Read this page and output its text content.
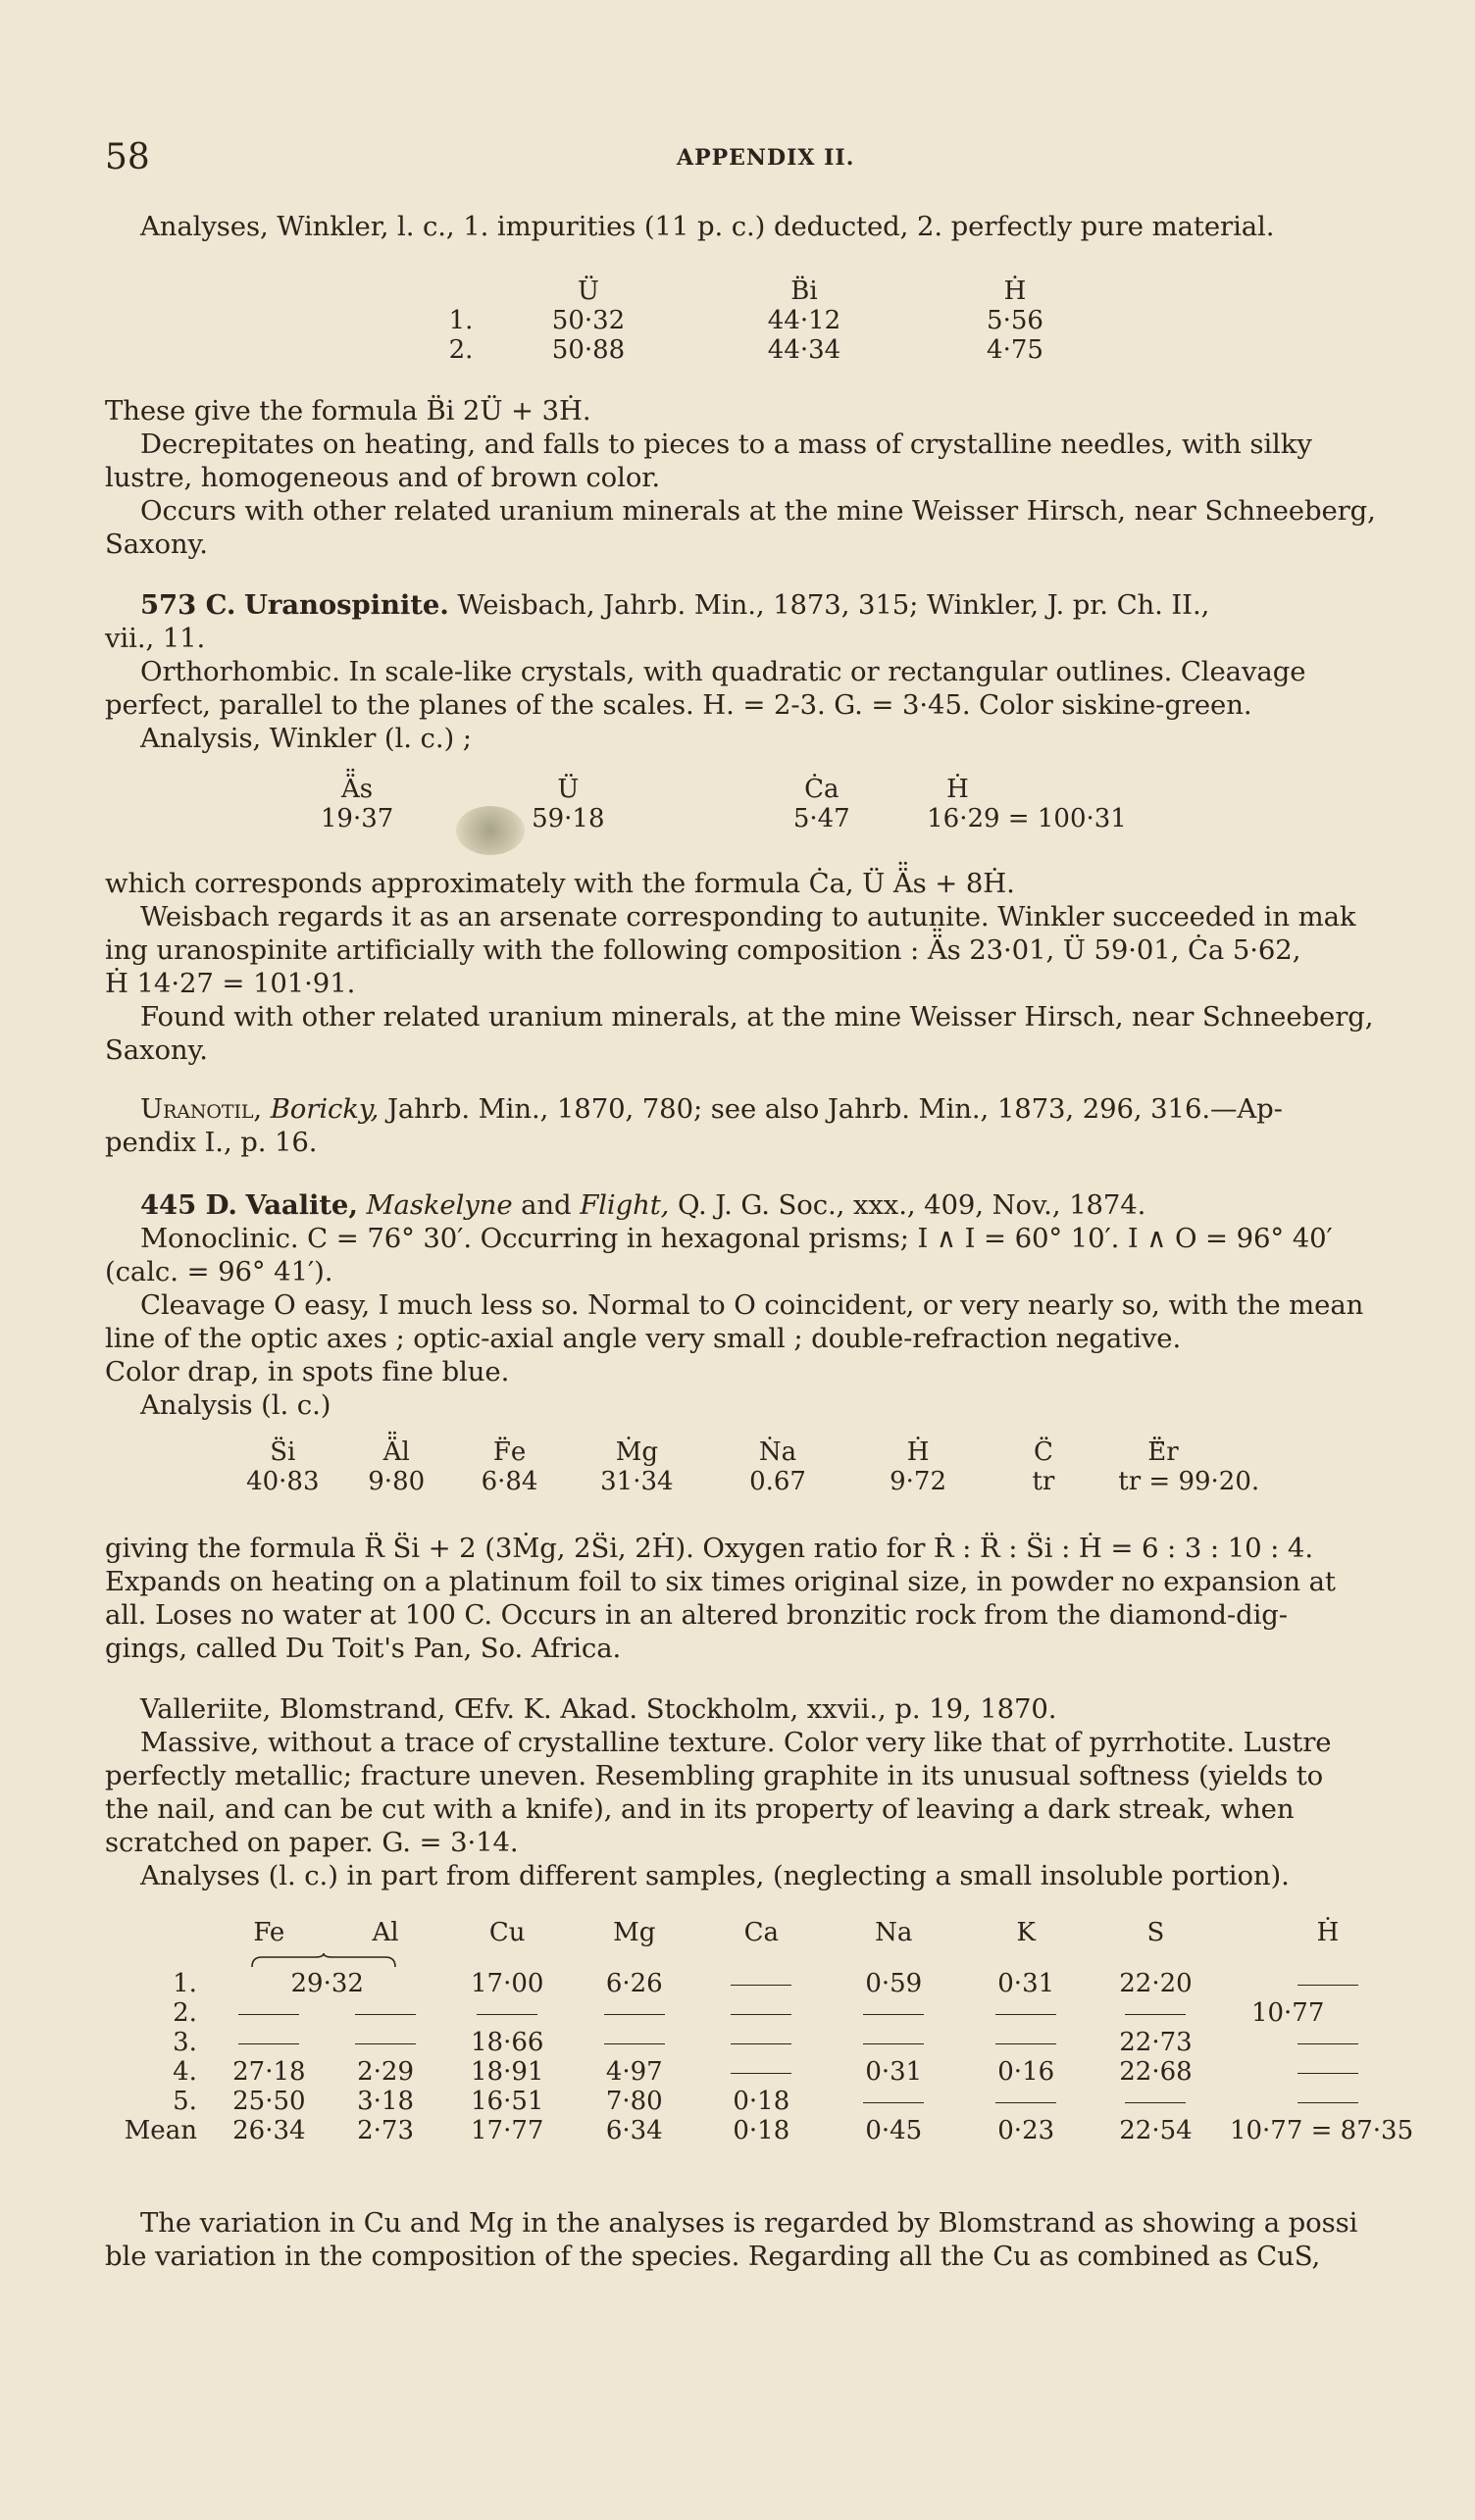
58	APPENDIX II.
Analyses, Winkler, l. c., 1. impurities (11 p. c.) deducted, 2. perfectly pure material.
	Ü	B̈i	Ḣ
1.	50·32	44·12	5·56
2.	50·88	44·34	4·75
These give the formula B̈i 2Ü + 3Ḣ.
Decrepitates on heating, and falls to pieces to a mass of crystalline needles, with silky
lustre, homogeneous and of brown color.
Occurs with other related uranium minerals at the mine Weisser Hirsch, near Schneeberg,
Saxony.
573 C. Uranospinite. Weisbach, Jahrb. Min., 1873, 315; Winkler, J. pr. Ch. II.,
vii., 11.
Orthorhombic. In scale-like crystals, with quadratic or rectangular outlines. Cleavage
perfect, parallel to the planes of the scales. H. = 2-3. G. = 3·45. Color siskine-green.
Analysis, Winkler (l. c.) ;
Ä̈s	Ü	Ċa	Ḣ
19·37	59·18	5·47	16·29 = 100·31
which corresponds approximately with the formula Ċa, Ü Ä̈s + 8Ḣ.
Weisbach regards it as an arsenate corresponding to autunite. Winkler succeeded in mak
ing uranospinite artificially with the following composition : Ä̈s 23·01, Ü 59·01, Ċa 5·62,
Ḣ 14·27 = 101·91.
Found with other related uranium minerals, at the mine Weisser Hirsch, near Schneeberg,
Saxony.
Uranotil, Boricky, Jahrb. Min., 1870, 780; see also Jahrb. Min., 1873, 296, 316.—Ap-
pendix I., p. 16.
445 D. Vaalite, Maskelyne and Flight, Q. J. G. Soc., xxx., 409, Nov., 1874.
Monoclinic. C = 76° 30′. Occurring in hexagonal prisms; I ∧ I = 60° 10′. I ∧ O = 96° 40′
(calc. = 96° 41′).
Cleavage O easy, I much less so. Normal to O coincident, or very nearly so, with the mean
line of the optic axes ; optic-axial angle very small ; double-refraction negative.
Color drap, in spots fine blue.
Analysis (l. c.)
S̈i	Ä̈l	F̈e	Ṁg	Ṅa	Ḣ	C̈	Ë̈r
40·83	9·80	6·84	31·34	0.67	9·72	tr	tr = 99·20.
giving the formula R̈ S̈i + 2 (3Ṁg, 2S̈i, 2Ḣ). Oxygen ratio for Ṙ : R̈ : S̈i : Ḣ = 6 : 3 : 10 : 4.
Expands on heating on a platinum foil to six times original size, in powder no expansion at
all. Loses no water at 100 C. Occurs in an altered bronzitic rock from the diamond-dig-
gings, called Du Toit's Pan, So. Africa.
Valleriite, Blomstrand, Œfv. K. Akad. Stockholm, xxvii., p. 19, 1870.
Massive, without a trace of crystalline texture. Color very like that of pyrrhotite. Lustre
perfectly metallic; fracture uneven. Resembling graphite in its unusual softness (yields to
the nail, and can be cut with a knife), and in its property of leaving a dark streak, when
scratched on paper. G. = 3·14.
Analyses (l. c.) in part from different samples, (neglecting a small insoluble portion).
	Fe	Al	Cu	Mg	Ca	Na	K	S	Ḣ

1.	29·32		17·00	6·26		0·59	0·31	22·20	
2.									10·77
3.			18·66					22·73	
4.	27·18	2·29	18·91	4·97		0·31	0·16	22·68	
5.	25·50	3·18	16·51	7·80	0·18				
Mean	26·34	2·73	17·77	6·34	0·18	0·45	0·23	22·54	10·77 = 87·35
The variation in Cu and Mg in the analyses is regarded by Blomstrand as showing a possi
ble variation in the composition of the species. Regarding all the Cu as combined as CuS,
